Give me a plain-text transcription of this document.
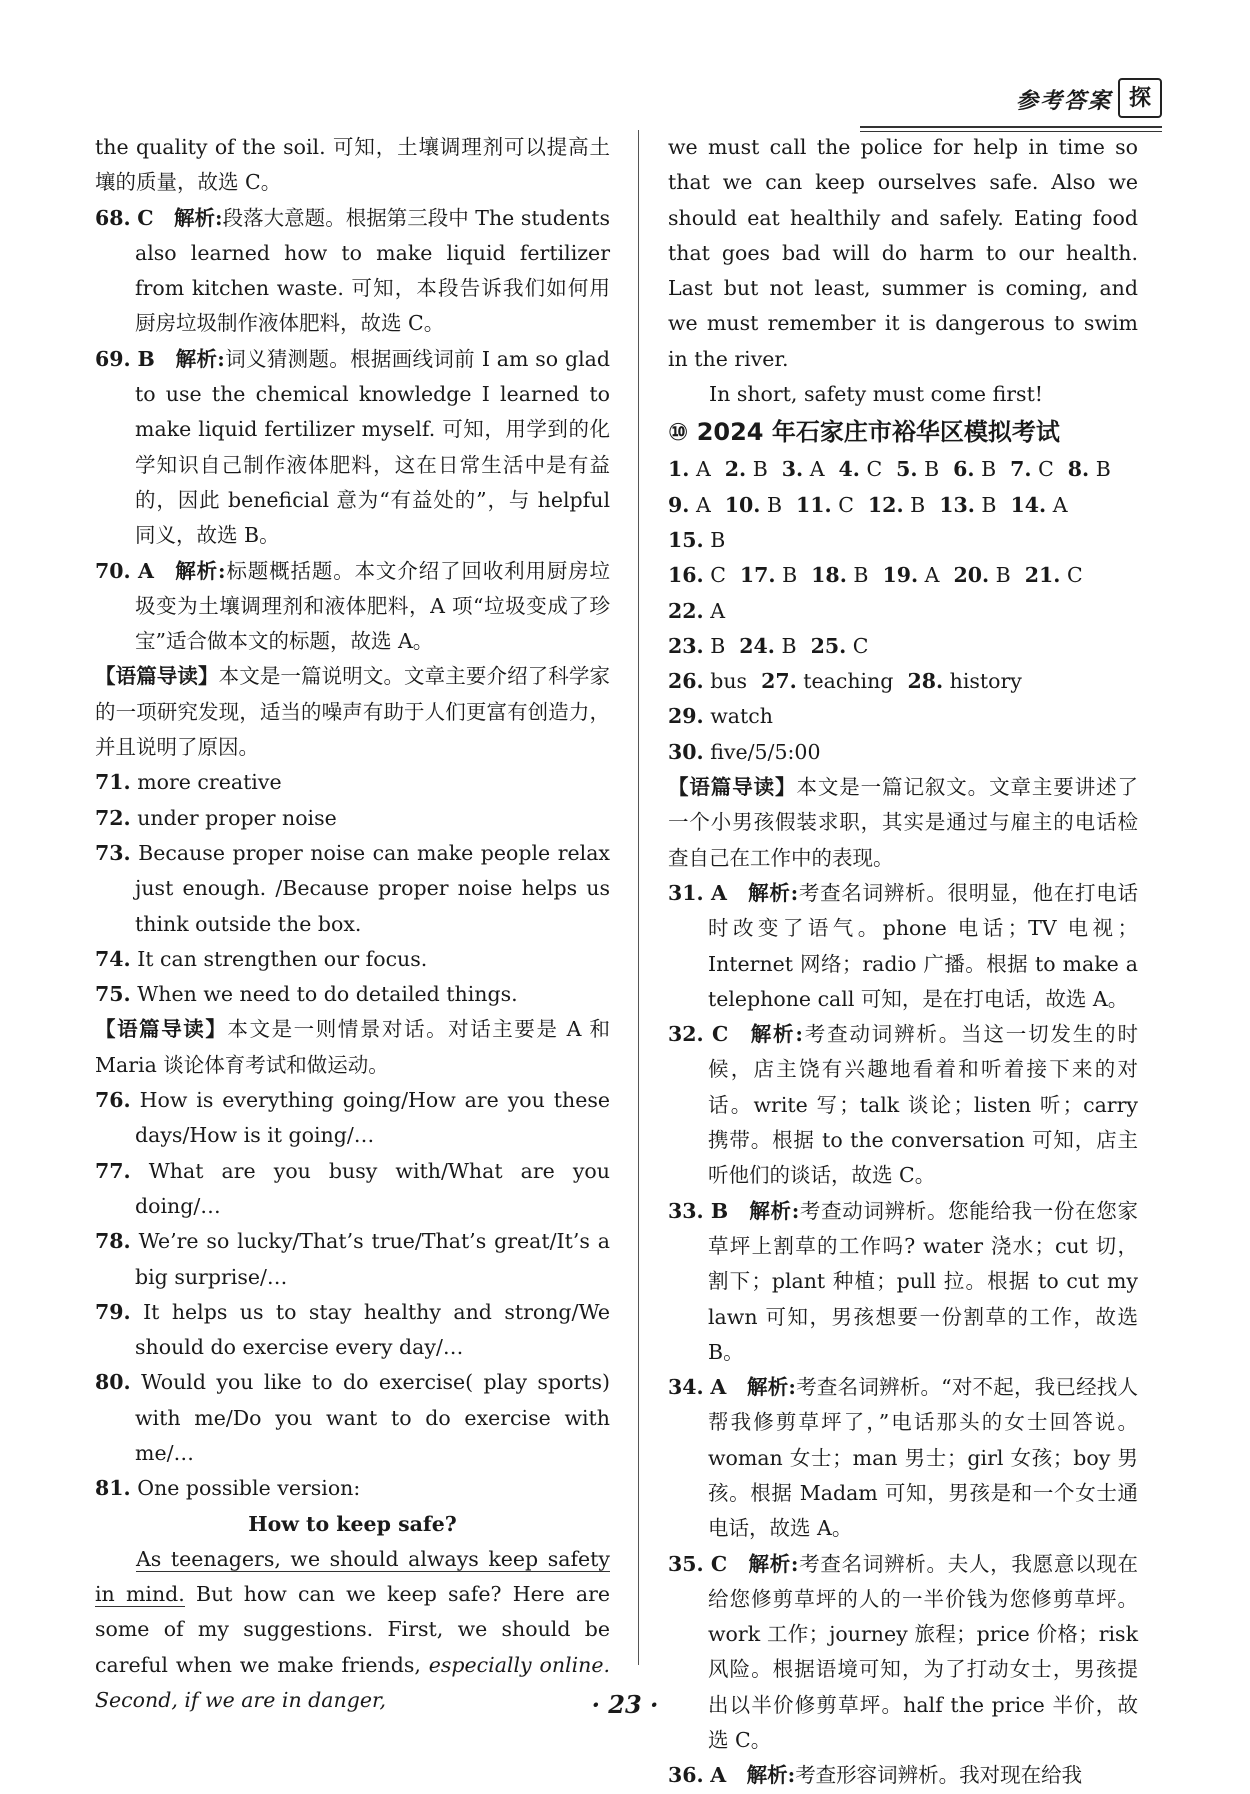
参考答案 探

the quality of the soil. 可知，土壤调理剂可以提高土壤的质量，故选 C。

68. C  解析:段落大意题。根据第三段中 The students also learned how to make liquid fertilizer from kitchen waste. 可知，本段告诉我们如何用厨房垃圾制作液体肥料，故选 C。

69. B  解析:词义猜测题。根据画线词前 I am so glad to use the chemical knowledge I learned to make liquid fertilizer myself. 可知，用学到的化学知识自己制作液体肥料，这在日常生活中是有益的，因此 beneficial 意为“有益处的”，与 helpful 同义，故选 B。

70. A  解析:标题概括题。本文介绍了回收利用厨房垃圾变为土壤调理剂和液体肥料，A 项“垃圾变成了珍宝”适合做本文的标题，故选 A。

【语篇导读】本文是一篇说明文。文章主要介绍了科学家的一项研究发现，适当的噪声有助于人们更富有创造力，并且说明了原因。

71. more creative

72. under proper noise

73. Because proper noise can make people relax just enough. /Because proper noise helps us think outside the box.

74. It can strengthen our focus.

75. When we need to do detailed things.

【语篇导读】本文是一则情景对话。对话主要是 A 和 Maria 谈论体育考试和做运动。

76. How is everything going/How are you these days/How is it going/…

77. What are you busy with/What are you doing/…

78. We’re so lucky/That’s true/That’s great/It’s a big surprise/…

79. It helps us to stay healthy and strong/We should do exercise every day/…

80. Would you like to do exercise( play sports) with me/Do you want to do exercise with me/…

81. One possible version:

How to keep safe?

As teenagers, we should always keep safety in mind. But how can we keep safe? Here are some of my suggestions. First, we should be careful when we make friends, especially online. Second, if we are in danger,

we must call the police for help in time so that we can keep ourselves safe. Also we should eat healthily and safely. Eating food that goes bad will do harm to our health. Last but not least, summer is coming, and we must remember it is dangerous to swim in the river.

In short, safety must come first!

⑩ 2024 年石家庄市裕华区模拟考试
1. A 2. B 3. A 4. C 5. B 6. B 7. C 8. B
9. A 10. B 11. C 12. B 13. B 14. A15. B
16. C 17. B 18. B 19. A 20. B 21. C22. A
23. B 24. B 25. C
26. bus 27. teaching 28. history29. watch
30. five/5/5:00

【语篇导读】本文是一篇记叙文。文章主要讲述了一个小男孩假装求职，其实是通过与雇主的电话检查自己在工作中的表现。

31. A  解析:考查名词辨析。很明显，他在打电话时改变了语气。phone 电话；TV 电视；Internet 网络；radio 广播。根据 to make a telephone call 可知，是在打电话，故选 A。

32. C  解析:考查动词辨析。当这一切发生的时候，店主饶有兴趣地看着和听着接下来的对话。write 写；talk 谈论；listen 听；carry 携带。根据 to the conversation 可知，店主听他们的谈话，故选 C。

33. B  解析:考查动词辨析。您能给我一份在您家草坪上割草的工作吗? water 浇水；cut 切，割下；plant 种植；pull 拉。根据 to cut my lawn 可知，男孩想要一份割草的工作，故选 B。

34. A  解析:考查名词辨析。“对不起，我已经找人帮我修剪草坪了，”电话那头的女士回答说。woman 女士；man 男士；girl 女孩；boy 男孩。根据 Madam 可知，男孩是和一个女士通电话，故选 A。

35. C  解析:考查名词辨析。夫人，我愿意以现在给您修剪草坪的人的一半价钱为您修剪草坪。work 工作；journey 旅程；price 价格；risk 风险。根据语境可知，为了打动女士，男孩提出以半价修剪草坪。half the price 半价，故选 C。

36. A  解析:考查形容词辨析。我对现在给我

· 23 ·
